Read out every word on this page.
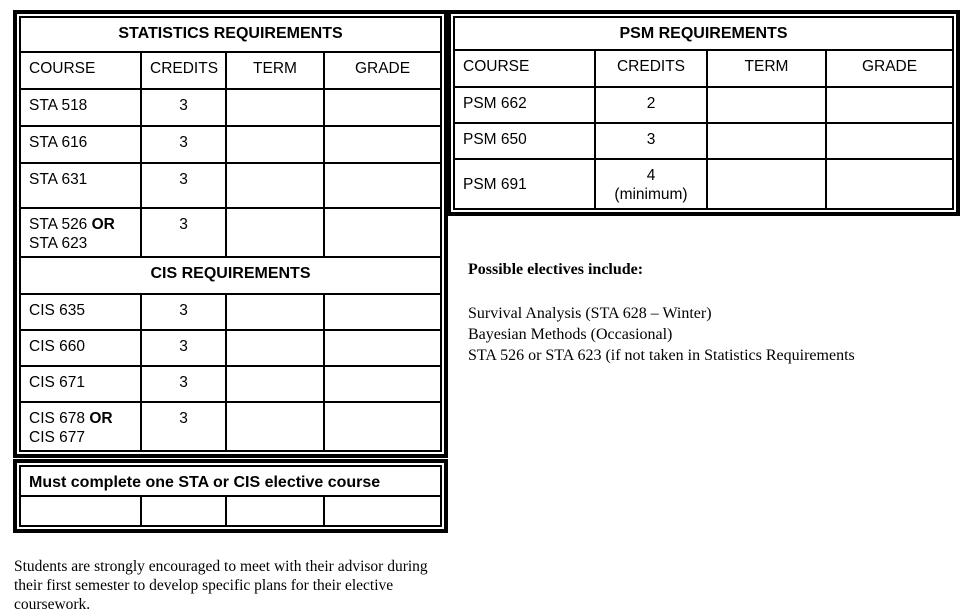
STATISTICS REQUIREMENTS			
COURSE	CREDITS	TERM	GRADE
STA 518	3		
STA 616	3		
STA 631	3		
STA 526 OR
STA 623	3		
CIS REQUIREMENTS			
CIS 635	3		
CIS 660	3		
CIS 671	3		
CIS 678 OR
CIS 677	3		
Must complete one STA or CIS elective course

PSM REQUIREMENTS			
COURSE	CREDITS	TERM	GRADE
PSM 662	2		
PSM 650	3		
PSM 691	4
(minimum)		
Possible electives include:
Survival Analysis (STA 628 – Winter)
Bayesian Methods (Occasional)
STA 526 or STA 623 (if not taken in Statistics Requirements
Students are strongly encouraged to meet with their advisor during
their first semester to develop specific plans for their elective
coursework.
